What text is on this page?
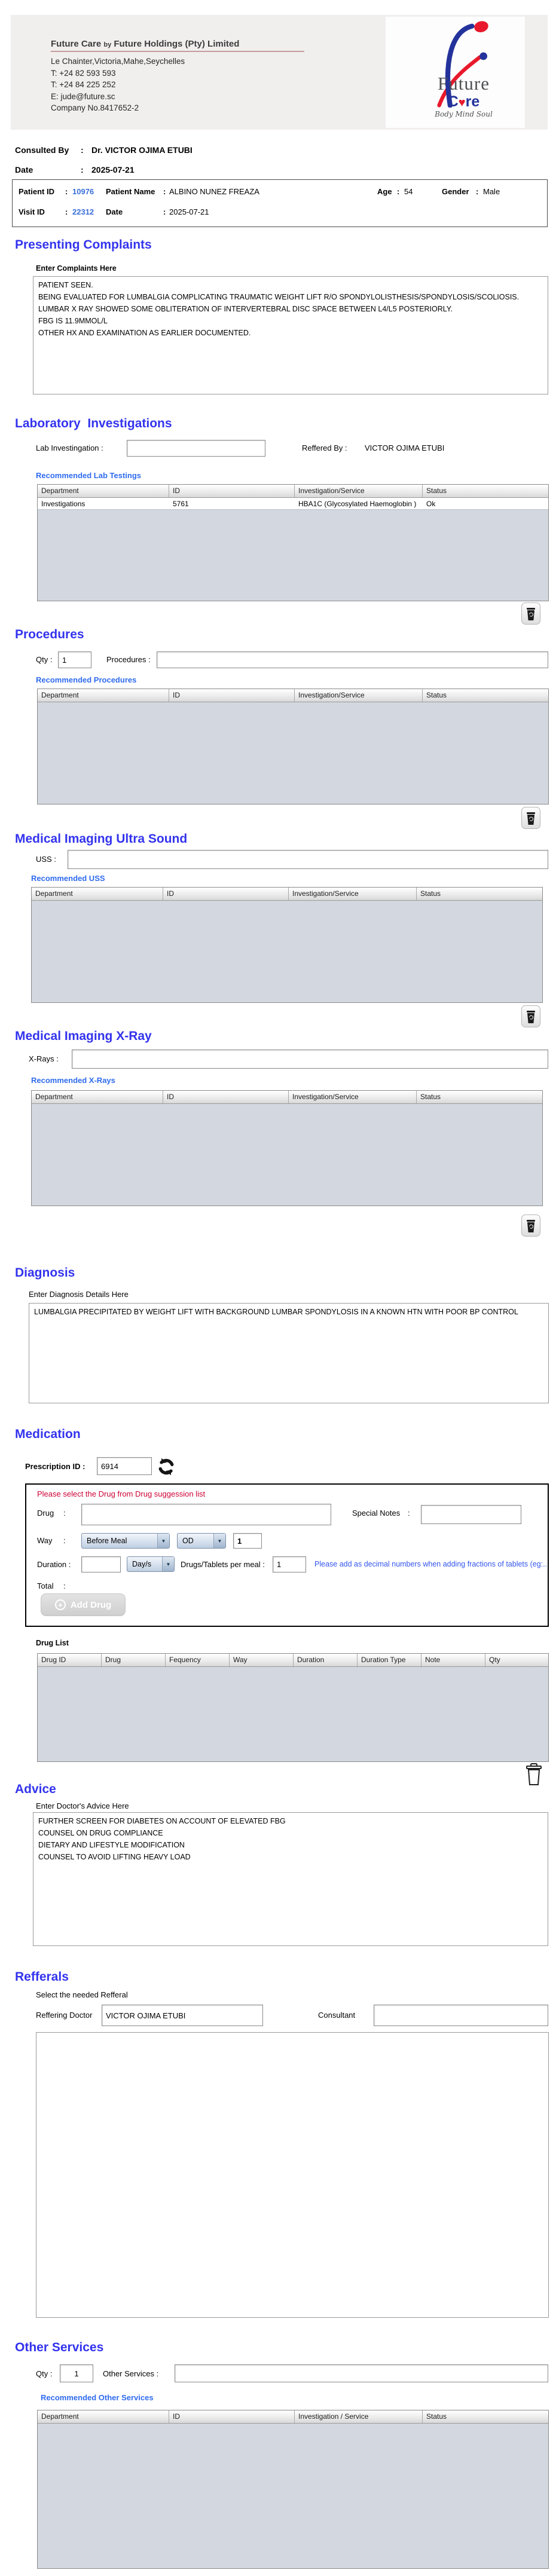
Future Care by Future Holdings (Pty) Limited
Le Chainter,Victoria,Mahe,Seychelles
T: +24 82 593 593
T: +24 84 225 252
E: jude@future.sc
Company No.8417652-2
Future
C♥re
Body Mind Soul
Consulted By	: Dr. VICTOR OJIMA ETUBI
Date	: 2025-07-21
Patient ID : 10976 Patient Name : ALBINO NUNEZ FREAZA	Age : 54	Gender : Male
Visit ID	: 22312 Date	: 2025-07-21
Presenting Complaints
Enter Complaints Here
PATIENT SEEN. BEING EVALUATED FOR LUMBALGIA COMPLICATING TRAUMATIC WEIGHT LIFT R/O SPONDYLOLISTHESIS/SPONDYLOSIS/SCOLIOSIS. LUMBAR X RAY SHOWED SOME OBLITERATION OF INTERVERTEBRAL DISC SPACE BETWEEN L4/L5 POSTERIORLY. FBG IS 11.9MMOL/L OTHER HX AND EXAMINATION AS EARLIER DOCUMENTED.
Laboratory  Investigations
Lab Investingation :	Reffered By : VICTOR OJIMA ETUBI
Recommended Lab Testings
Department	ID	Investigation/Service	Status
Investigations	5761	HBA1C (Glycosylated Haemoglobin )	Ok
Procedures
Qty :
1	Procedures :
Recommended Procedures
Department	ID	Investigation/Service	Status
Medical Imaging Ultra Sound
USS :
Recommended USS
Department	ID	Investigation/Service	Status
Medical Imaging X-Ray
X-Rays :
Recommended X-Rays
Department	ID	Investigation/Service	Status
Diagnosis
Enter Diagnosis Details Here
LUMBALGIA PRECIPITATED BY WEIGHT LIFT WITH BACKGROUND LUMBAR SPONDYLOSIS IN A KNOWN HTN WITH POOR BP CONTROL
Medication
Prescription ID :
6914
Please select the Drug from Drug suggession list
Drug :	Special Notes :
Way :	Before Meal	▼	OD	▼
1
Duration :	Day/s	▼	Drugs/Tablets per meal :
1	Please add as decimal numbers when adding fractions of tablets (eg:..
Total :
+ Add Drug
Drug List
Drug ID	Drug	Fequency	Way	Duration	Duration Type	Note	Qty
Advice
Enter Doctor's Advice Here
FURTHER SCREEN FOR DIABETES ON ACCOUNT OF ELEVATED FBG COUNSEL ON DRUG COMPLIANCE DIETARY AND LIFESTYLE MODIFICATION COUNSEL TO AVOID LIFTING HEAVY LOAD
Refferals
Select the needed Refferal
Reffering Doctor
VICTOR OJIMA ETUBI	Consultant
Other Services
Qty :
1	Other Services :
Recommended Other Services
Department	ID	Investigation / Service	Status
